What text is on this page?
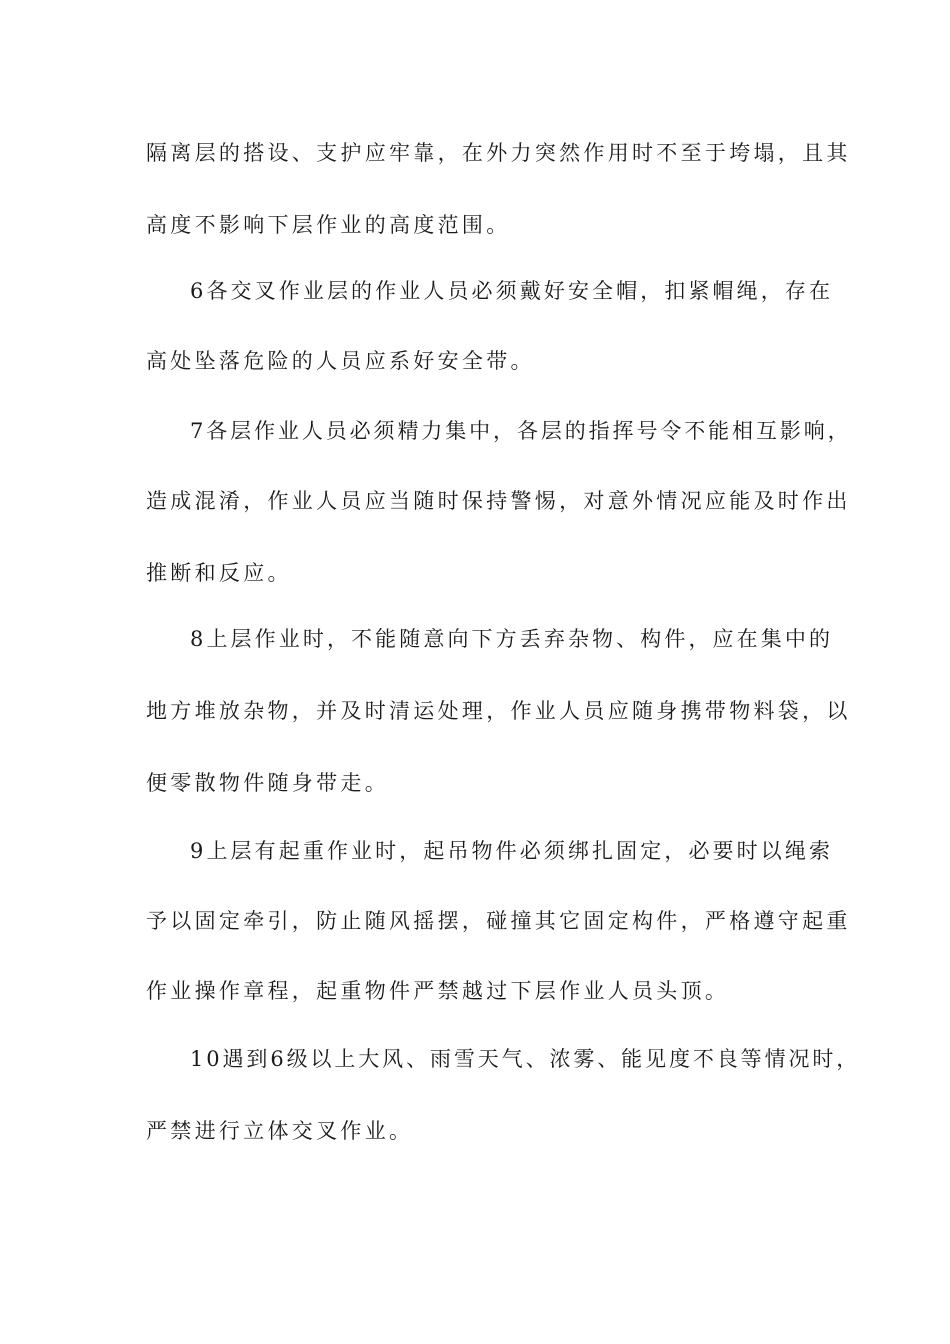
隔离层的搭设、支护应牢靠，在外力突然作用时不至于垮塌，且其
高度不影响下层作业的高度范围。
6各交叉作业层的作业人员必须戴好安全帽，扣紧帽绳，存在
高处坠落危险的人员应系好安全带。
7各层作业人员必须精力集中，各层的指挥号令不能相互影响，
造成混淆，作业人员应当随时保持警惕，对意外情况应能及时作出
推断和反应。
8上层作业时，不能随意向下方丢弃杂物、构件，应在集中的
地方堆放杂物，并及时清运处理，作业人员应随身携带物料袋，以
便零散物件随身带走。
9上层有起重作业时，起吊物件必须绑扎固定，必要时以绳索
予以固定牵引，防止随风摇摆，碰撞其它固定构件，严格遵守起重
作业操作章程，起重物件严禁越过下层作业人员头顶。
10遇到6级以上大风、雨雪天气、浓雾、能见度不良等情况时，
严禁进行立体交叉作业。
